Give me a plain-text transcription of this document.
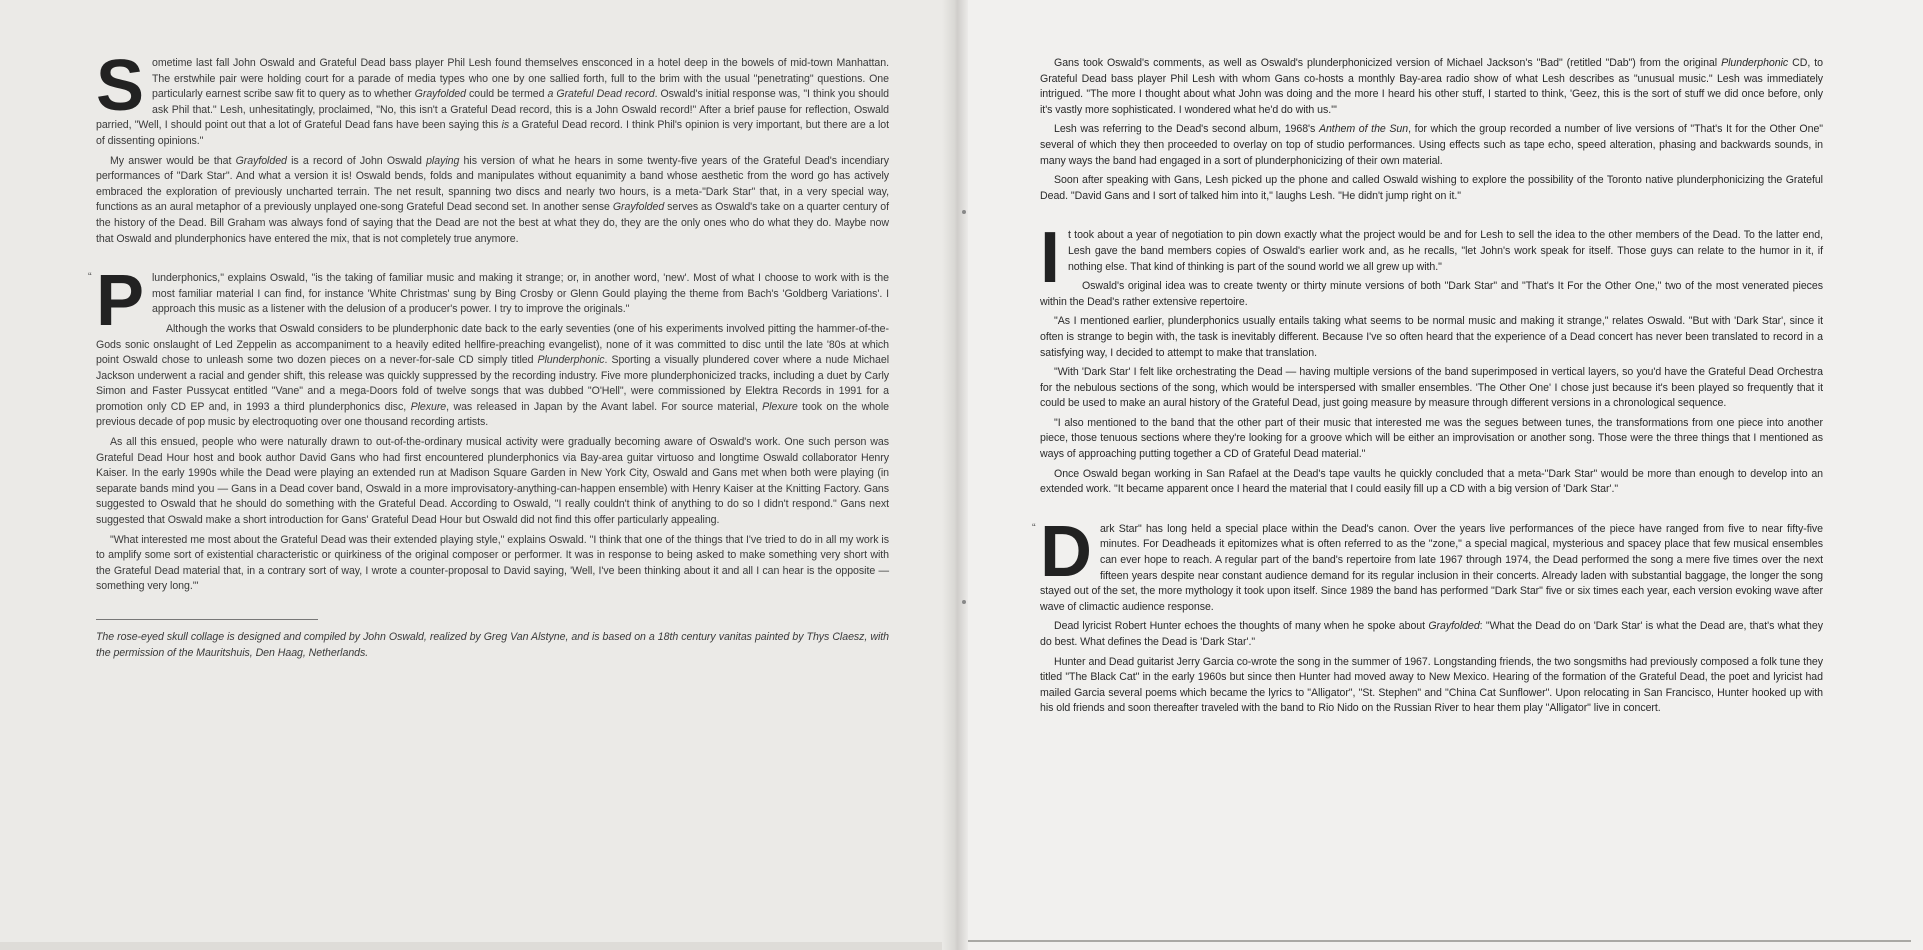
Sometime last fall John Oswald and Grateful Dead bass player Phil Lesh found themselves ensconced in a hotel deep in the bowels of mid-town Manhattan. The erstwhile pair were holding court for a parade of media types who one by one sallied forth, full to the brim with the usual "penetrating" questions. One particularly earnest scribe saw fit to query as to whether Grayfolded could be termed a Grateful Dead record. Oswald's initial response was, "I think you should ask Phil that." Lesh, unhesitatingly, proclaimed, "No, this isn't a Grateful Dead record, this is a John Oswald record!" After a brief pause for reflection, Oswald parried, "Well, I should point out that a lot of Grateful Dead fans have been saying this is a Grateful Dead record. I think Phil's opinion is very important, but there are a lot of dissenting opinions."

My answer would be that Grayfolded is a record of John Oswald playing his version of what he hears in some twenty-five years of the Grateful Dead's incendiary performances of "Dark Star". And what a version it is! Oswald bends, folds and manipulates without equanimity a band whose aesthetic from the word go has actively embraced the exploration of previously uncharted terrain. The net result, spanning two discs and nearly two hours, is a meta-"Dark Star" that, in a very special way, functions as an aural metaphor of a previously unplayed one-song Grateful Dead second set. In another sense Grayfolded serves as Oswald's take on a quarter century of the history of the Dead. Bill Graham was always fond of saying that the Dead are not the best at what they do, they are the only ones who do what they do. Maybe now that Oswald and plunderphonics have entered the mix, that is not completely true anymore.

“ P lunderphonics," explains Oswald, "is the taking of familiar music and making it strange; or, in another word, 'new'. Most of what I choose to work with is the most familiar material I can find, for instance 'White Christmas' sung by Bing Crosby or Glenn Gould playing the theme from Bach's 'Goldberg Variations'. I approach this music as a listener with the delusion of a producer's power. I try to improve the originals."

Although the works that Oswald considers to be plunderphonic date back to the early seventies (one of his experiments involved pitting the hammer-of-the-Gods sonic onslaught of Led Zeppelin as accompaniment to a heavily edited hellfire-preaching evangelist), none of it was committed to disc until the late '80s at which point Oswald chose to unleash some two dozen pieces on a never-for-sale CD simply titled Plunderphonic. Sporting a visually plundered cover where a nude Michael Jackson underwent a racial and gender shift, this release was quickly suppressed by the recording industry. Five more plunderphonicized tracks, including a duet by Carly Simon and Faster Pussycat entitled "Vane" and a mega-Doors fold of twelve songs that was dubbed "O'Hell", were commissioned by Elektra Records in 1991 for a promotion only CD EP and, in 1993 a third plunderphonics disc, Plexure, was released in Japan by the Avant label. For source material, Plexure took on the whole previous decade of pop music by electroquoting over one thousand recording artists.

As all this ensued, people who were naturally drawn to out-of-the-ordinary musical activity were gradually becoming aware of Oswald's work. One such person was Grateful Dead Hour host and book author David Gans who had first encountered plunderphonics via Bay-area guitar virtuoso and longtime Oswald collaborator Henry Kaiser. In the early 1990s while the Dead were playing an extended run at Madison Square Garden in New York City, Oswald and Gans met when both were playing (in separate bands mind you — Gans in a Dead cover band, Oswald in a more improvisatory-anything-can-happen ensemble) with Henry Kaiser at the Knitting Factory. Gans suggested to Oswald that he should do something with the Grateful Dead. According to Oswald, "I really couldn't think of anything to do so I didn't respond." Gans next suggested that Oswald make a short introduction for Gans' Grateful Dead Hour but Oswald did not find this offer particularly appealing.

"What interested me most about the Grateful Dead was their extended playing style," explains Oswald. "I think that one of the things that I've tried to do in all my work is to amplify some sort of existential characteristic or quirkiness of the original composer or performer. It was in response to being asked to make something very short with the Grateful Dead material that, in a contrary sort of way, I wrote a counter-proposal to David saying, 'Well, I've been thinking about it and all I can hear is the opposite — something very long.'"

The rose-eyed skull collage is designed and compiled by John Oswald, realized by Greg Van Alstyne, and is based on a 18th century vanitas painted by Thys Claesz, with the permission of the Mauritshuis, Den Haag, Netherlands.

Gans took Oswald's comments, as well as Oswald's plunderphonicized version of Michael Jackson's "Bad" (retitled "Dab") from the original Plunderphonic CD, to Grateful Dead bass player Phil Lesh with whom Gans co-hosts a monthly Bay-area radio show of what Lesh describes as "unusual music." Lesh was immediately intrigued. "The more I thought about what John was doing and the more I heard his other stuff, I started to think, 'Geez, this is the sort of stuff we did once before, only it's vastly more sophisticated. I wondered what he'd do with us.'"

Lesh was referring to the Dead's second album, 1968's Anthem of the Sun, for which the group recorded a number of live versions of "That's It for the Other One" several of which they then proceeded to overlay on top of studio performances. Using effects such as tape echo, speed alteration, phasing and backwards sounds, in many ways the band had engaged in a sort of plunderphonicizing of their own material.

Soon after speaking with Gans, Lesh picked up the phone and called Oswald wishing to explore the possibility of the Toronto native plunderphonicizing the Grateful Dead. "David Gans and I sort of talked him into it," laughs Lesh. "He didn't jump right on it."

It took about a year of negotiation to pin down exactly what the project would be and for Lesh to sell the idea to the other members of the Dead. To the latter end, Lesh gave the band members copies of Oswald's earlier work and, as he recalls, "let John's work speak for itself. Those guys can relate to the humor in it, if nothing else. That kind of thinking is part of the sound world we all grew up with."

Oswald's original idea was to create twenty or thirty minute versions of both "Dark Star" and "That's It For the Other One," two of the most venerated pieces within the Dead's rather extensive repertoire.

"As I mentioned earlier, plunderphonics usually entails taking what seems to be normal music and making it strange," relates Oswald. "But with 'Dark Star', since it often is strange to begin with, the task is inevitably different. Because I've so often heard that the experience of a Dead concert has never been translated to record in a satisfying way, I decided to attempt to make that translation.

"With 'Dark Star' I felt like orchestrating the Dead — having multiple versions of the band superimposed in vertical layers, so you'd have the Grateful Dead Orchestra for the nebulous sections of the song, which would be interspersed with smaller ensembles. 'The Other One' I chose just because it's been played so frequently that it could be used to make an aural history of the Grateful Dead, just going measure by measure through different versions in a chronological sequence.

"I also mentioned to the band that the other part of their music that interested me was the segues between tunes, the transformations from one piece into another piece, those tenuous sections where they're looking for a groove which will be either an improvisation or another song. Those were the three things that I mentioned as ways of approaching putting together a CD of Grateful Dead material."

Once Oswald began working in San Rafael at the Dead's tape vaults he quickly concluded that a meta-"Dark Star" would be more than enough to develop into an extended work. "It became apparent once I heard the material that I could easily fill up a CD with a big version of 'Dark Star'."

“ D ark Star" has long held a special place within the Dead's canon. Over the years live performances of the piece have ranged from five to near fifty-five minutes. For Deadheads it epitomizes what is often referred to as the "zone," a special magical, mysterious and spacey place that few musical ensembles can ever hope to reach. A regular part of the band's repertoire from late 1967 through 1974, the Dead performed the song a mere five times over the next fifteen years despite near constant audience demand for its regular inclusion in their concerts. Already laden with substantial baggage, the longer the song stayed out of the set, the more mythology it took upon itself. Since 1989 the band has performed "Dark Star" five or six times each year, each version evoking wave after wave of climactic audience response.

Dead lyricist Robert Hunter echoes the thoughts of many when he spoke about Grayfolded: "What the Dead do on 'Dark Star' is what the Dead are, that's what they do best. What defines the Dead is 'Dark Star'."

Hunter and Dead guitarist Jerry Garcia co-wrote the song in the summer of 1967. Longstanding friends, the two songsmiths had previously composed a folk tune they titled "The Black Cat" in the early 1960s but since then Hunter had moved away to New Mexico. Hearing of the formation of the Grateful Dead, the poet and lyricist had mailed Garcia several poems which became the lyrics to "Alligator", "St. Stephen" and "China Cat Sunflower". Upon relocating in San Francisco, Hunter hooked up with his old friends and soon thereafter traveled with the band to Rio Nido on the Russian River to hear them play "Alligator" live in concert.
